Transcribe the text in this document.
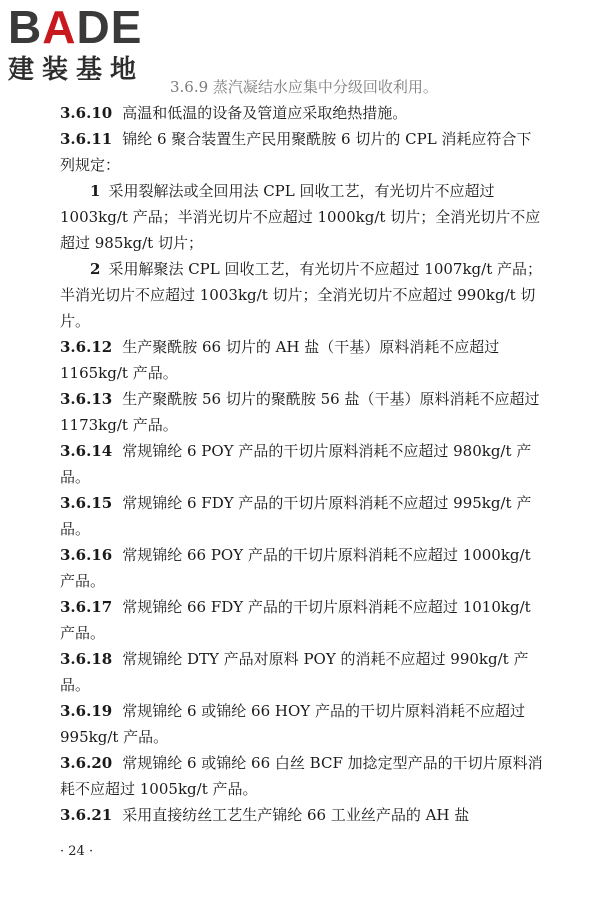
BADE
建装基地

3.6.9 蒸汽凝结水应集中分级回收利用。

3.6.10 高温和低温的设备及管道应采取绝热措施。

3.6.11 锦纶 6 聚合装置生产民用聚酰胺 6 切片的 CPL 消耗应符合下列规定：

1 采用裂解法或全回用法 CPL 回收工艺，有光切片不应超过 1003kg/t 产品；半消光切片不应超过 1000kg/t 切片；全消光切片不应超过 985kg/t 切片；

2 采用解聚法 CPL 回收工艺，有光切片不应超过 1007kg/t 产品；半消光切片不应超过 1003kg/t 切片；全消光切片不应超过 990kg/t 切片。

3.6.12 生产聚酰胺 66 切片的 AH 盐（干基）原料消耗不应超过 1165kg/t 产品。

3.6.13 生产聚酰胺 56 切片的聚酰胺 56 盐（干基）原料消耗不应超过 1173kg/t 产品。

3.6.14 常规锦纶 6 POY 产品的干切片原料消耗不应超过 980kg/t 产品。

3.6.15 常规锦纶 6 FDY 产品的干切片原料消耗不应超过 995kg/t 产品。

3.6.16 常规锦纶 66 POY 产品的干切片原料消耗不应超过 1000kg/t 产品。

3.6.17 常规锦纶 66 FDY 产品的干切片原料消耗不应超过 1010kg/t 产品。

3.6.18 常规锦纶 DTY 产品对原料 POY 的消耗不应超过 990kg/t 产品。

3.6.19 常规锦纶 6 或锦纶 66 HOY 产品的干切片原料消耗不应超过 995kg/t 产品。

3.6.20 常规锦纶 6 或锦纶 66 白丝 BCF 加捻定型产品的干切片原料消耗不应超过 1005kg/t 产品。

3.6.21 采用直接纺丝工艺生产锦纶 66 工业丝产品的 AH 盐

· 24 ·
